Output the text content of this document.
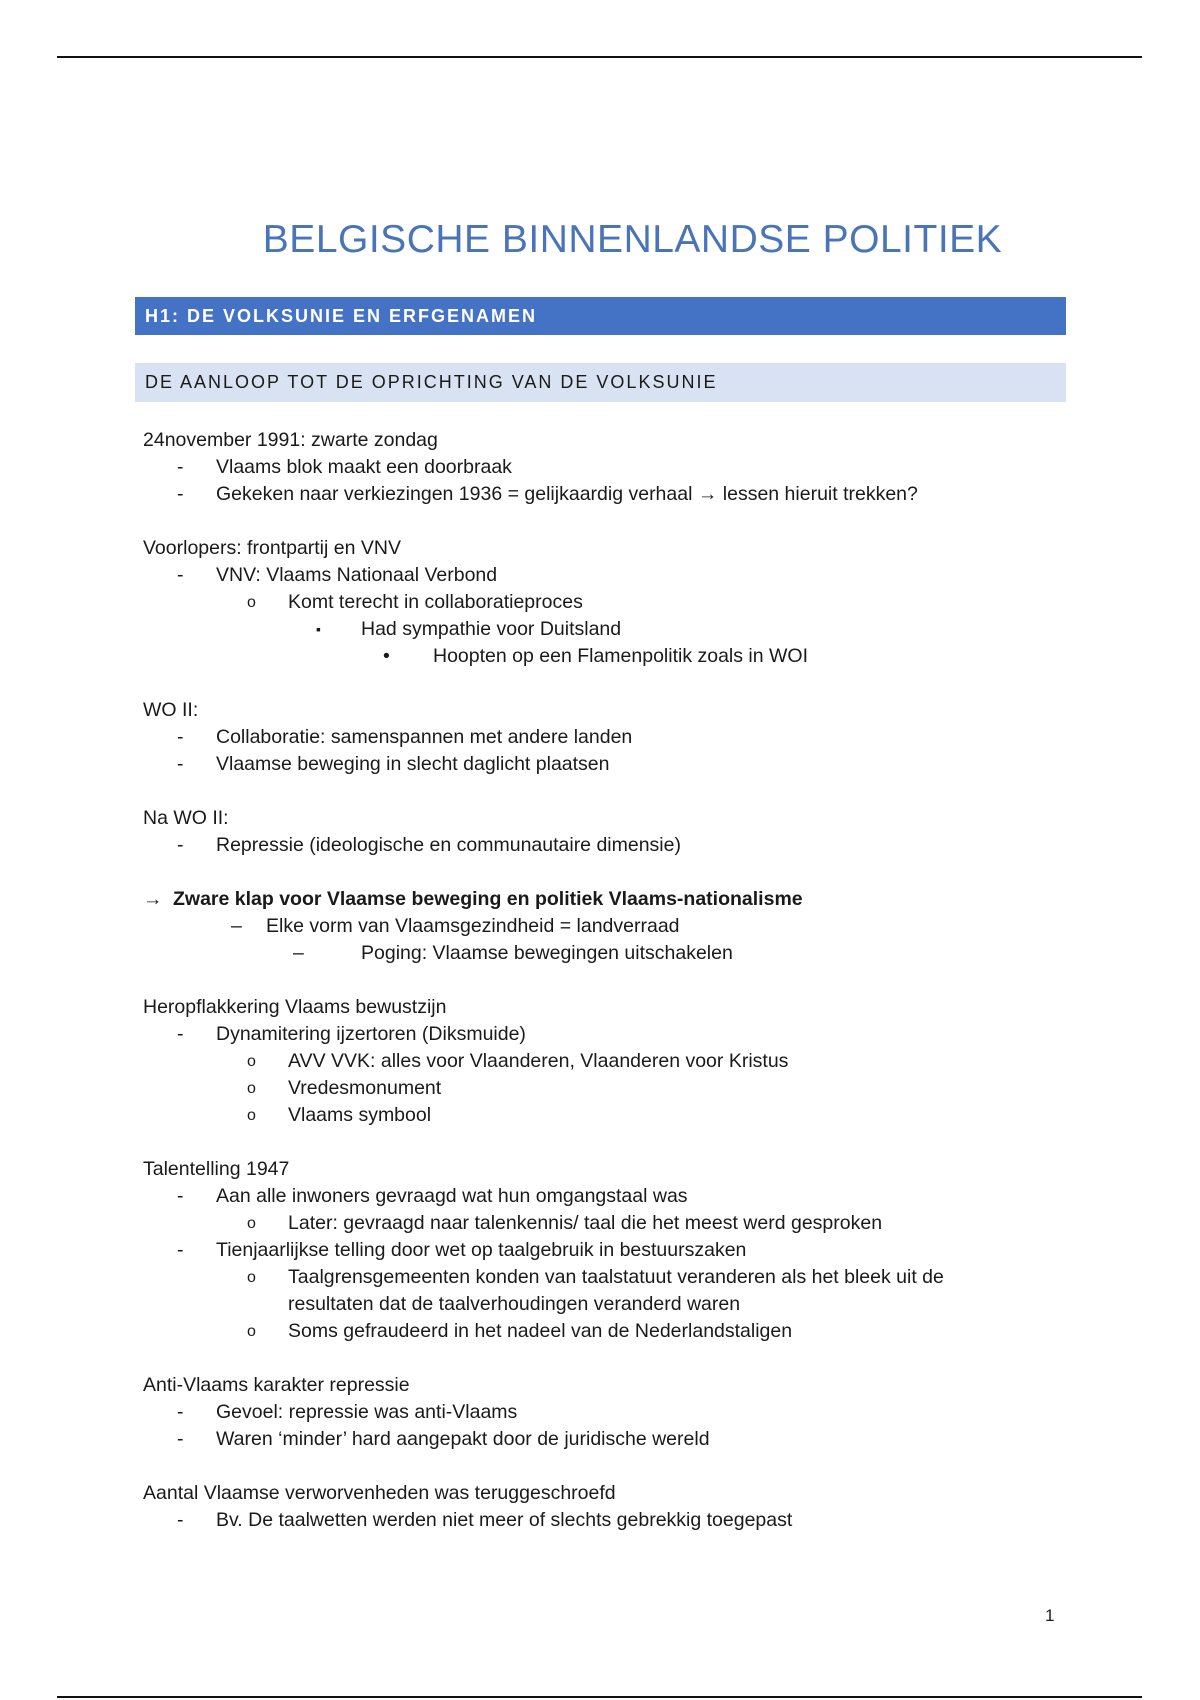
BELGISCHE BINNENLANDSE POLITIEK
H1: DE VOLKSUNIE EN ERFGENAMEN
DE AANLOOP TOT DE OPRICHTING VAN DE VOLKSUNIE
24november 1991: zwarte zondag
- Vlaams blok maakt een doorbraak
- Gekeken naar verkiezingen 1936 = gelijkaardig verhaal → lessen hieruit trekken?
Voorlopers: frontpartij en VNV
- VNV: Vlaams Nationaal Verbond
o Komt terecht in collaboratieproces
▪ Had sympathie voor Duitsland
• Hoopten op een Flamenpolitik zoals in WOI
WO II:
- Collaboratie: samenspannen met andere landen
- Vlaamse beweging in slecht daglicht plaatsen
Na WO II:
- Repressie (ideologische en communautaire dimensie)
→ Zware klap voor Vlaamse beweging en politiek Vlaams-nationalisme
– Elke vorm van Vlaamsgezindheid = landverraad
–	Poging: Vlaamse bewegingen uitschakelen
Heropflakkering Vlaams bewustzijn
- Dynamitering ijzertoren (Diksmuide)
o AVV VVK: alles voor Vlaanderen, Vlaanderen voor Kristus
o Vredesmonument
o Vlaams symbool
Talentelling 1947
- Aan alle inwoners gevraagd wat hun omgangstaal was
o Later: gevraagd naar talenkennis/ taal die het meest werd gesproken
- Tienjaarlijkse telling door wet op taalgebruik in bestuurszaken
o Taalgrensgemeenten konden van taalstatuut veranderen als het bleek uit de
resultaten dat de taalverhoudingen veranderd waren
o Soms gefraudeerd in het nadeel van de Nederlandstaligen
Anti-Vlaams karakter repressie
- Gevoel: repressie was anti-Vlaams
- Waren ‘minder’ hard aangepakt door de juridische wereld
Aantal Vlaamse verworvenheden was teruggeschroefd
- Bv. De taalwetten werden niet meer of slechts gebrekkig toegepast
1
